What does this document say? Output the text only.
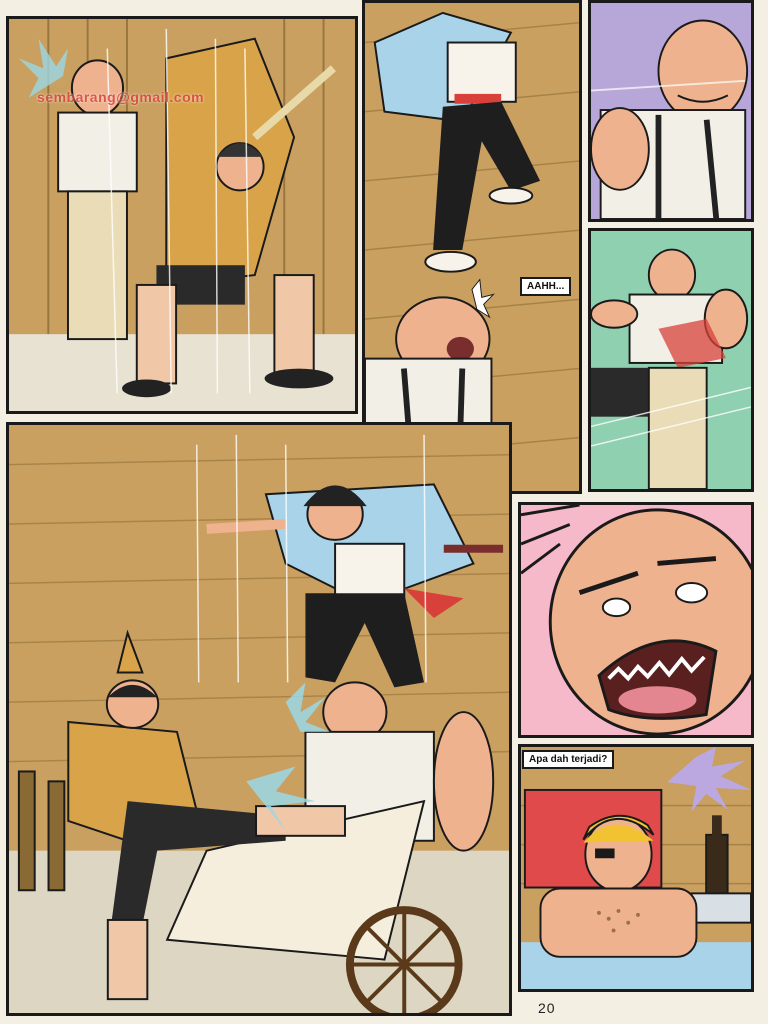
sembarang@gmail.com
AAHH...
Apa dah terjadi?
20
